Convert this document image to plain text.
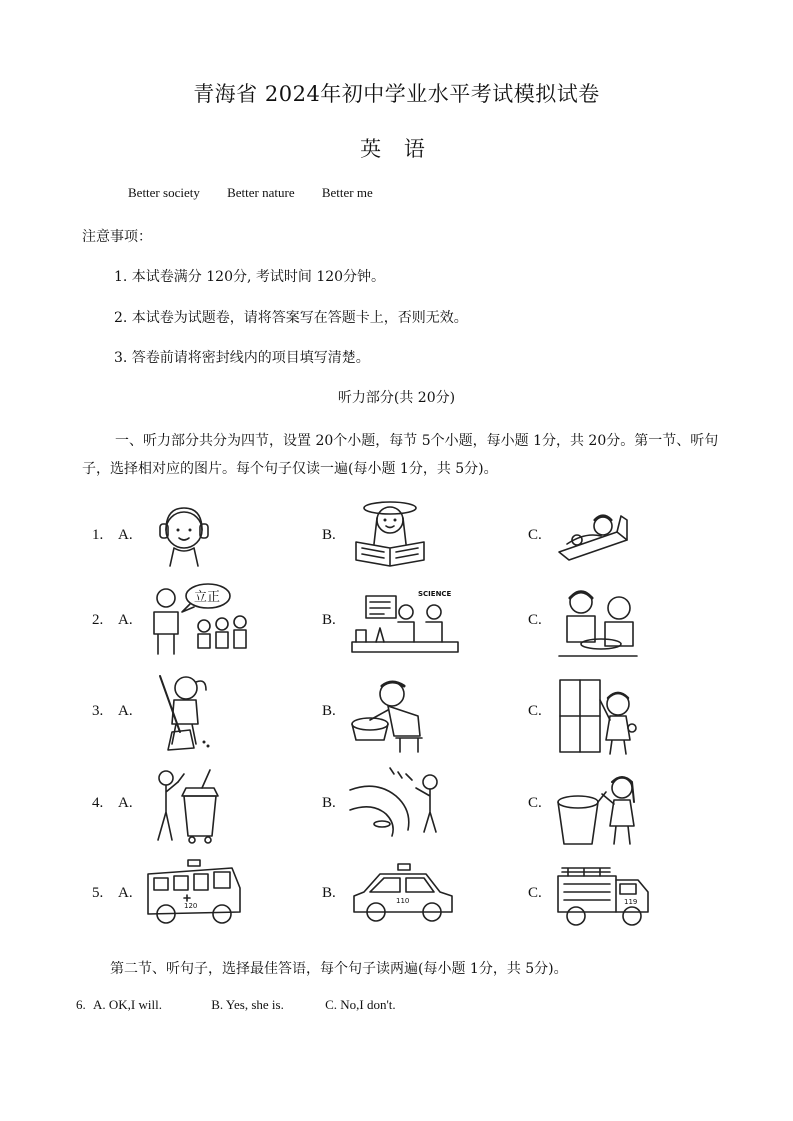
青海省 2024年初中学业水平考试模拟试卷
英 语
Better society Better nature Better me
注意事项：
1. 本试卷满分 120分, 考试时间 120分钟。
2. 本试卷为试题卷，请将答案写在答题卡上，否则无效。
3. 答卷前请将密封线内的项目填写清楚。
听力部分(共 20分)
一、听力部分共分为四节，设置 20个小题，每节 5个小题，每小题 1分，共 20分。第一节、听句子，选择相对应的图片。每个句子仅读一遍(每小题 1分，共 5分)。
1. A.	B.	C.
2. A.	B.	C.
立正	SCIENCE
3. A.	B.	C.
4. A.	B.	C.
5. A.	B.	C.
120
110	119
第二节、听句子，选择最佳答语，每个句子读两遍(每小题 1分，共 5分)。
6. A. OK,I will.	B. Yes, she is.	C. No,I don't.
